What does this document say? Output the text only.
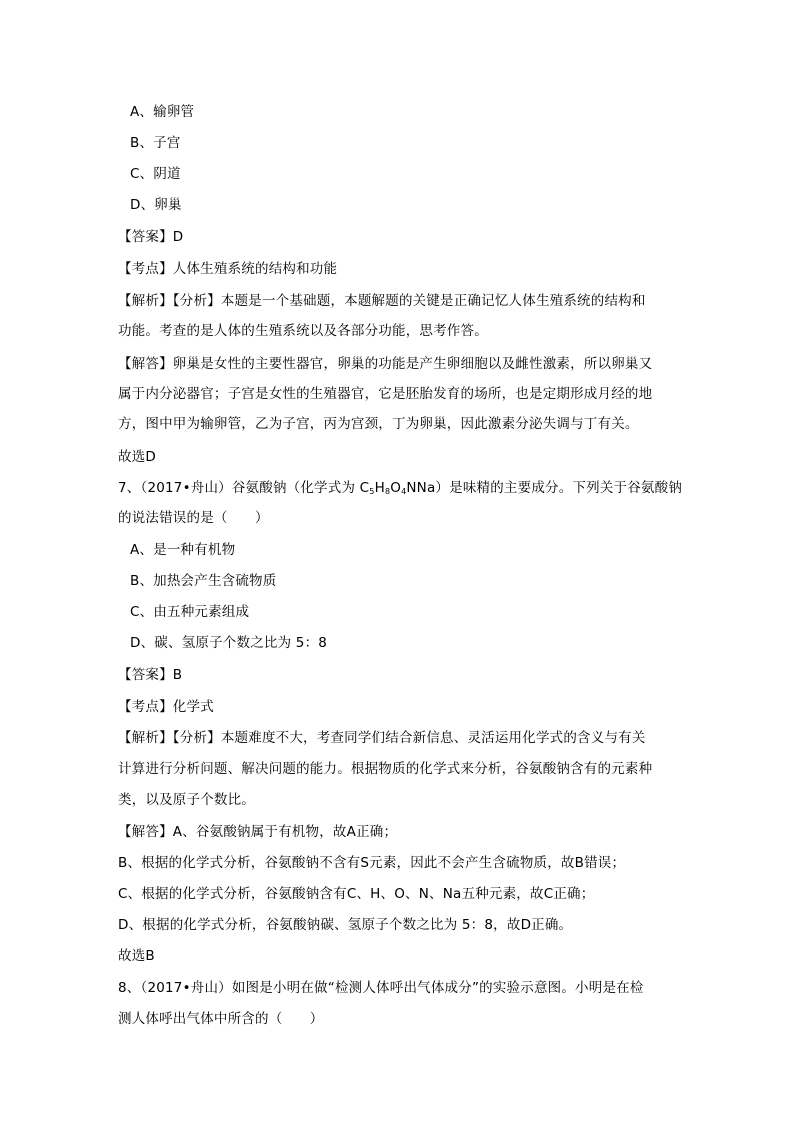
A、输卵管
B、子宫
C、阴道
D、卵巢
【答案】D
【考点】人体生殖系统的结构和功能
【解析】【分析】本题是一个基础题，本题解题的关键是正确记忆人体生殖系统的结构和
功能。考查的是人体的生殖系统以及各部分功能，思考作答。
【解答】卵巢是女性的主要性器官，卵巢的功能是产生卵细胞以及雌性激素，所以卵巢又
属于内分泌器官；子宫是女性的生殖器官，它是胚胎发育的场所，也是定期形成月经的地
方，图中甲为输卵管，乙为子宫，丙为宫颈，丁为卵巢，因此激素分泌失调与丁有关。
故选D
7、（2017•舟山）谷氨酸钠（化学式为 $C_5H_8O_4NNa$）是味精的主要成分。下列关于谷氨酸钠
的说法错误的是（　　）
A、是一种有机物
B、加热会产生含硫物质
C、由五种元素组成
D、碳、氢原子个数之比为 5：8
【答案】B
【考点】化学式
【解析】【分析】本题难度不大，考查同学们结合新信息、灵活运用化学式的含义与有关
计算进行分析问题、解决问题的能力。根据物质的化学式来分析，谷氨酸钠含有的元素种
类，以及原子个数比。
【解答】A、谷氨酸钠属于有机物，故A正确；
B、根据的化学式分析，谷氨酸钠不含有S元素，因此不会产生含硫物质，故B错误；
C、根据的化学式分析，谷氨酸钠含有C、H、O、N、Na五种元素，故C正确；
D、根据的化学式分析，谷氨酸钠碳、氢原子个数之比为 5：8，故D正确。
故选B
8、（2017•舟山）如图是小明在做“检测人体呼出气体成分”的实验示意图。小明是在检
测人体呼出气体中所含的（　　）
